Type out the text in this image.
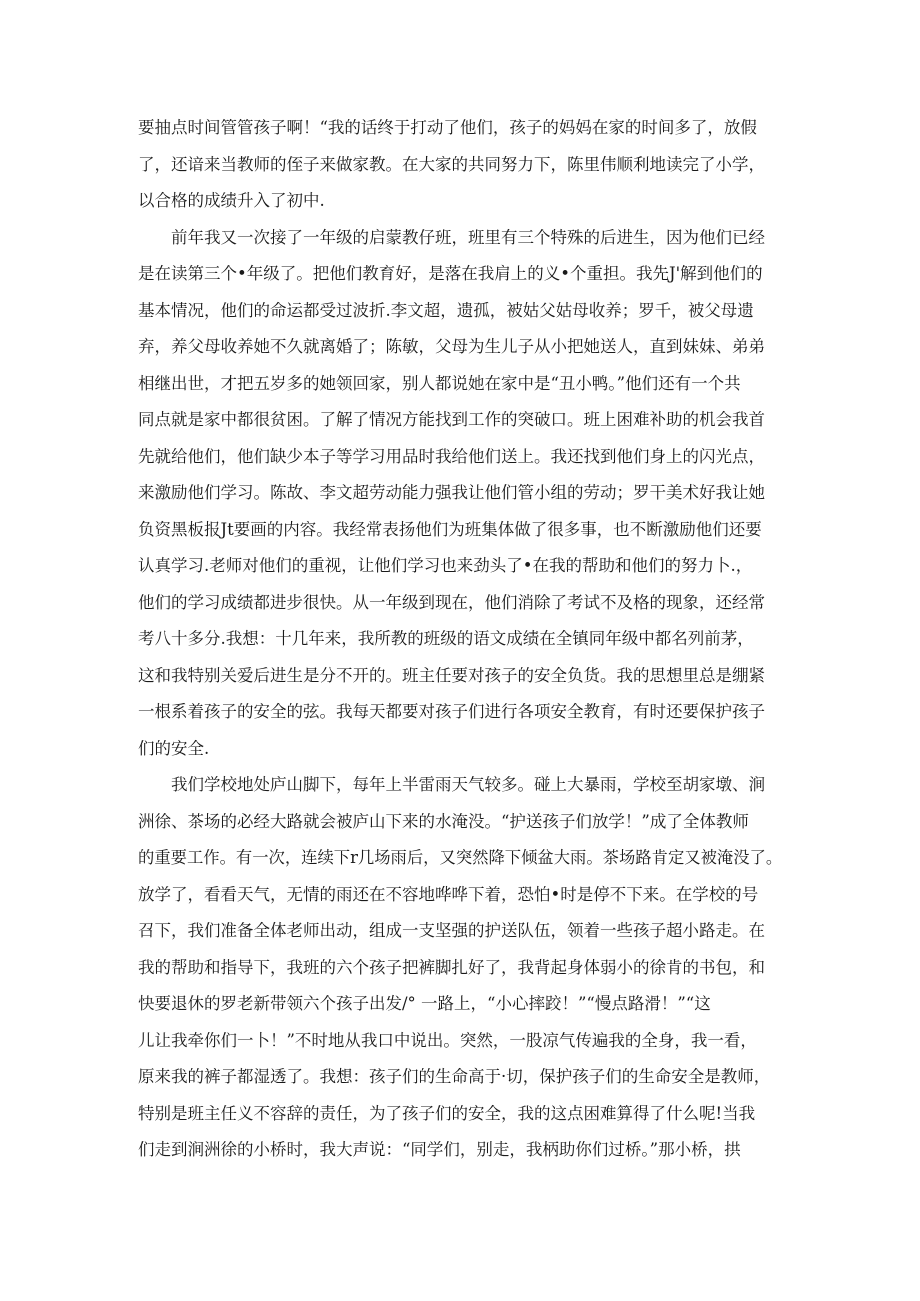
要抽点时间管管孩子啊！“我的话终于打动了他们，孩子的妈妈在家的时间多了，放假
了，还谙来当教师的侄子来做家教。在大家的共同努力下，陈里伟顺利地读完了小学，
以合格的成绩升入了初中.
前年我又一次接了一年级的启蒙教仔班，班里有三个特殊的后进生，因为他们已经
是在读第三个•年级了。把他们教育好，是落在我肩上的义•个重担。我先J'解到他们的
基本情况，他们的命运都受过波折.李文超，遗孤，被姑父姑母收养；罗千，被父母遗
弃，养父母收养她不久就离婚了；陈敏，父母为生儿子从小把她送人，直到妹妹、弟弟
相继出世，才把五岁多的她领回家，别人都说她在家中是“丑小鸭。”他们还有一个共
同点就是家中都很贫困。了解了情况方能找到工作的突破口。班上困难补助的机会我首
先就给他们，他们缺少本子等学习用品时我给他们送上。我还找到他们身上的闪光点，
来激励他们学习。陈故、李文超劳动能力强我让他们管小组的劳动；罗干美术好我让她
负资黑板报Jt要画的内容。我经常表扬他们为班集体做了很多事，也不断激励他们还要
认真学习.老师对他们的重视，让他们学习也来劲头了•在我的帮助和他们的努力卜.，
他们的学习成绩都进步很快。从一年级到现在，他们消除了考试不及格的现象，还经常
考八十多分.我想：十几年来，我所教的班级的语文成绩在全镇同年级中都名列前茅，
这和我特别关爱后进生是分不开的。班主任要对孩子的安全负货。我的思想里总是绷紧
一根系着孩子的安全的弦。我每天都要对孩子们进行各项安全教育，有时还要保护孩子
们的安全.
我们学校地处庐山脚下，每年上半雷雨天气较多。碰上大暴雨，学校至胡家墩、涧
洲徐、茶场的必经大路就会被庐山下来的水淹没。“护送孩子们放学！”成了全体教师
的重要工作。有一次，连续下r几场雨后，又突然降下倾盆大雨。茶场路肯定又被淹没了。
放学了，看看天气，无情的雨还在不容地哗哗下着，恐怕•时是停不下来。在学校的号
召下，我们准备全体老师出动，组成一支坚强的护送队伍，领着一些孩子超小路走。在
我的帮助和指导下，我班的六个孩子把裤脚扎好了，我背起身体弱小的徐肯的书包，和
快要退休的罗老新带领六个孩子出发/° 一路上，“小心摔跤！”“慢点路滑！”“这
儿让我牵你们一卜！”不时地从我口中说出。突然，一股凉气传遍我的全身，我一看，
原来我的裤子都湿透了。我想：孩子们的生命高于·切，保护孩子们的生命安全是教师，
特别是班主任义不容辞的责任，为了孩子们的安全，我的这点困难算得了什么呢!当我
们走到涧洲徐的小桥时，我大声说：“同学们，别走，我柄助你们过桥。”那小桥，拱
